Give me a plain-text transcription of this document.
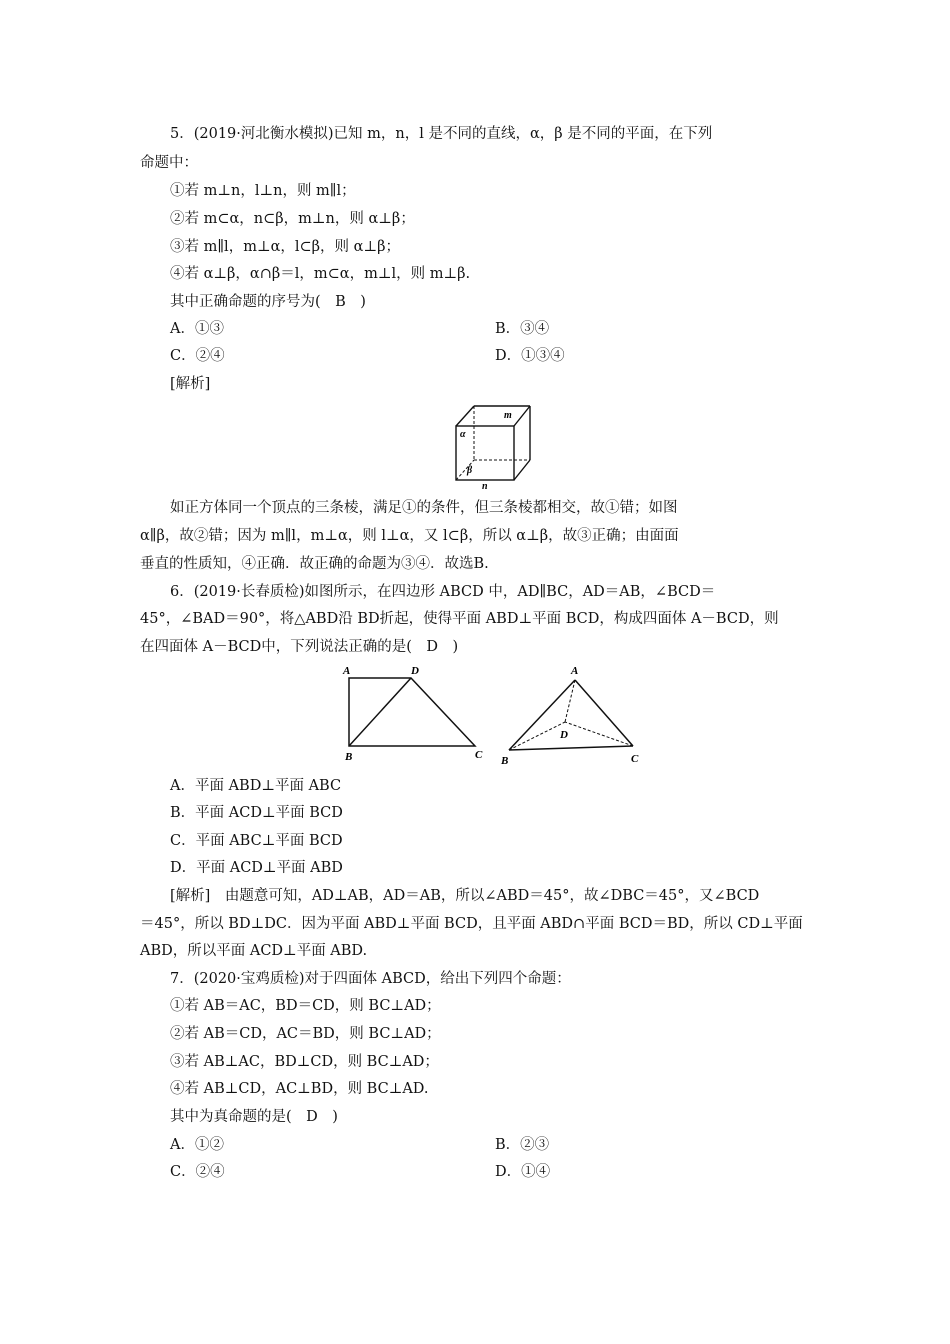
5．(2019·河北衡水模拟)已知 m，n，l 是不同的直线，α，β 是不同的平面，在下列
命题中：
①若 m⊥n，l⊥n，则 m∥l；
②若 m⊂α，n⊂β，m⊥n，则 α⊥β；
③若 m∥l，m⊥α，l⊂β，则 α⊥β；
④若 α⊥β，α∩β＝l，m⊂α，m⊥l，则 m⊥β.
其中正确命题的序号为(　B　)
A．①③	B．③④
C．②④	D．①③④
[解析]
m
α
β
n
如正方体同一个顶点的三条棱，满足①的条件，但三条棱都相交，故①错；如图
α∥β，故②错；因为 m∥l，m⊥α，则 l⊥α，又 l⊂β，所以 α⊥β，故③正确；由面面
垂直的性质知，④正确．故正确的命题为③④．故选B.
6．(2019·长春质检)如图所示，在四边形 ABCD 中，AD∥BC，AD＝AB，∠BCD＝
45°，∠BAD＝90°，将△ABD沿 BD折起，使得平面 ABD⊥平面 BCD，构成四面体 A－BCD，则
在四面体 A－BCD中，下列说法正确的是(　D　)
A	D
B	C
A
D
B	C
A．平面 ABD⊥平面 ABC
B．平面 ACD⊥平面 BCD
C．平面 ABC⊥平面 BCD
D．平面 ACD⊥平面 ABD
[解析]　由题意可知，AD⊥AB，AD＝AB，所以∠ABD＝45°，故∠DBC＝45°，又∠BCD
＝45°，所以 BD⊥DC．因为平面 ABD⊥平面 BCD，且平面 ABD∩平面 BCD＝BD，所以 CD⊥平面
ABD，所以平面 ACD⊥平面 ABD.
7．(2020·宝鸡质检)对于四面体 ABCD，给出下列四个命题：
①若 AB＝AC，BD＝CD，则 BC⊥AD；
②若 AB＝CD，AC＝BD，则 BC⊥AD；
③若 AB⊥AC，BD⊥CD，则 BC⊥AD；
④若 AB⊥CD，AC⊥BD，则 BC⊥AD.
其中为真命题的是(　D　)
A．①②	B．②③
C．②④	D．①④
